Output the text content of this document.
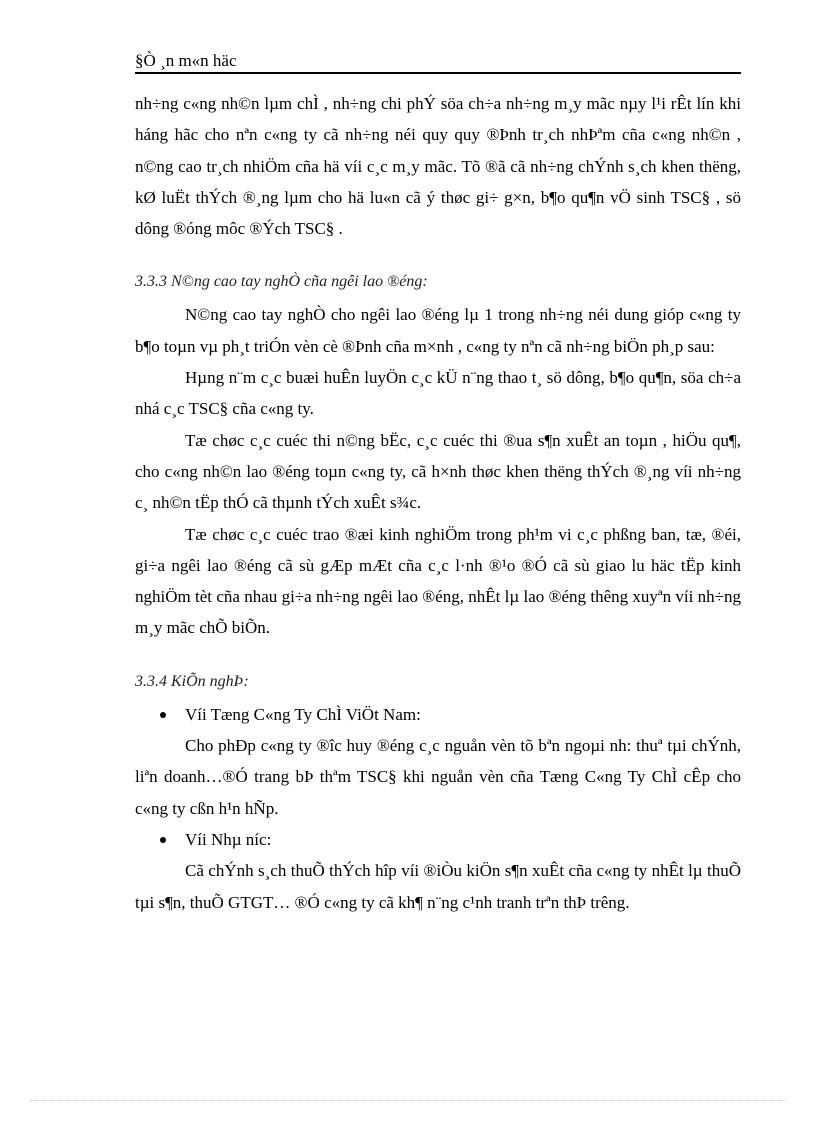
§Ò ¸n m«n häc

nh÷ng c«ng nh©n lµm chÌ , nh÷ng chi phÝ söa ch÷a nh÷ng m¸y mãc nµy l¹i rÊt lín khi háng hãc cho nªn c«ng ty cã nh÷ng néi quy quy ®Þnh tr¸ch nhÞªm cña c«ng nh©n , n©ng cao tr¸ch nhiÖm cña hä víi c¸c m¸y mãc. Tõ ®ã cã nh÷ng chÝnh s¸ch khen thëng, kØ luËt thÝch ®¸ng lµm cho hä lu«n cã ý thøc gi÷ g×n, b¶o qu¶n vÖ sinh TSC§ , sö dông ®óng môc ®Ých TSC§ .

3.3.3 N©ng cao tay nghÒ cña ngêi lao ®éng:

N©ng cao tay nghÒ cho ngêi lao ®éng lµ 1 trong nh÷ng néi dung gióp c«ng ty b¶o toµn vµ ph¸t triÓn vèn cè ®Þnh cña m×nh , c«ng ty nªn cã nh÷ng biÖn ph¸p sau:

Hµng n¨m c¸c buæi huÊn luyÖn c¸c kÜ n¨ng thao t¸ sö dông, b¶o qu¶n, söa ch÷a nhá c¸c TSC§ cña c«ng ty.

Tæ chøc c¸c cuéc thi n©ng bËc, c¸c cuéc thi ®ua s¶n xuÊt an toµn , hiÖu qu¶, cho c«ng nh©n lao ®éng toµn c«ng ty, cã h×nh thøc khen thëng thÝch ®¸ng víi nh÷ng c¸ nh©n tËp thÓ cã thµnh tÝch xuÊt s¾c.

Tæ chøc c¸c cuéc trao ®æi kinh nghiÖm trong ph¹m vi c¸c phßng ban, tæ, ®éi, gi÷a ngêi lao ®éng cã sù gÆp mÆt cña c¸c l·nh ®¹o ®Ó cã sù giao lu häc tËp kinh nghiÖm tèt cña nhau gi÷a nh÷ng ngêi lao ®éng, nhÊt lµ lao ®éng thêng xuyªn víi nh÷ng m¸y mãc chÕ biÕn.

3.3.4 KiÕn nghÞ:

Víi Tæng C«ng Ty ChÌ ViÖt Nam:

Cho phÐp c«ng ty ®îc huy ®éng c¸c nguån vèn tõ bªn ngoµi nh: thuª tµi chÝnh, liªn doanh…®Ó trang bÞ thªm TSC§ khi nguån vèn cña Tæng C«ng Ty ChÌ cÊp cho c«ng ty cßn h¹n hÑp.

Víi Nhµ níc:

Cã chÝnh s¸ch thuÕ thÝch hîp víi ®iÒu kiÖn s¶n xuÊt cña c«ng ty nhÊt lµ thuÕ tµi s¶n, thuÕ GTGT… ®Ó c«ng ty cã kh¶ n¨ng c¹nh tranh trªn thÞ trêng.
